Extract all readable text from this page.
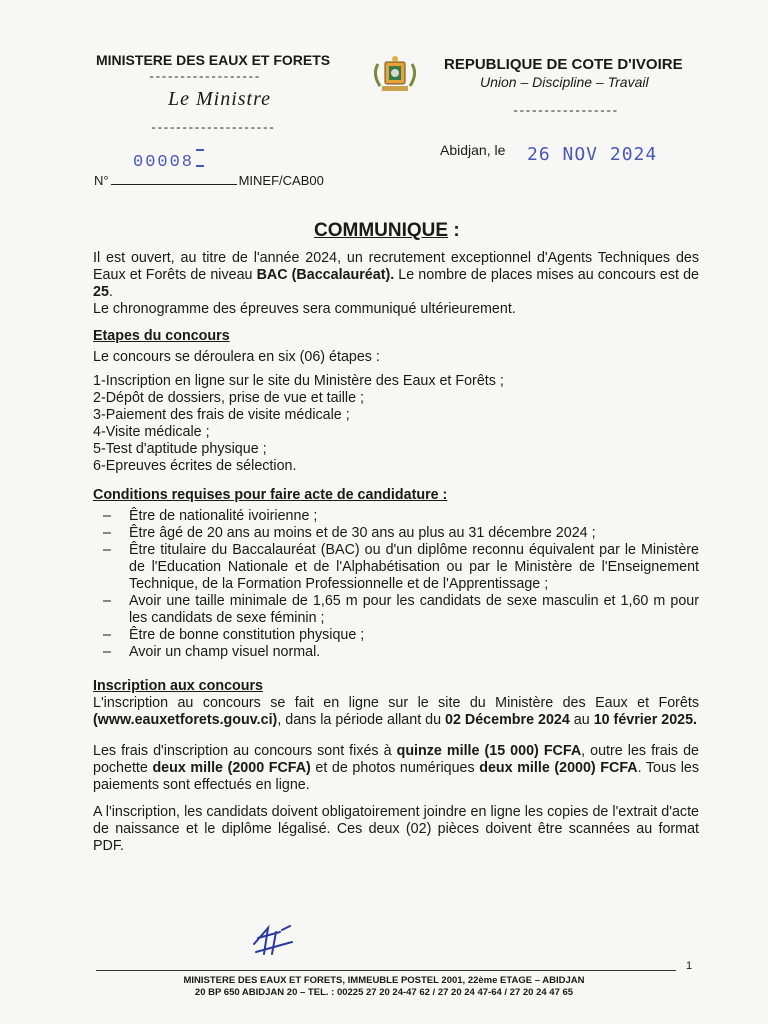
MINISTERE DES EAUX ET FORETS
------------------
Le Ministre
--------------------
REPUBLIQUE DE COTE D'IVOIRE
Union – Discipline – Travail
-----------------
00008
N°	MINEF/CAB00
Abidjan, le 26 NOV 2024
COMMUNIQUE :

Il est ouvert, au titre de l'année 2024, un recrutement exceptionnel d'Agents Techniques des Eaux et Forêts de niveau BAC (Baccalauréat). Le nombre de places mises au concours est de 25.

Le chronogramme des épreuves sera communiqué ultérieurement.

Etapes du concours

Le concours se déroulera en six (06) étapes :

1-Inscription en ligne sur le site du Ministère des Eaux et Forêts ;
2-Dépôt de dossiers, prise de vue et taille ;
3-Paiement des frais de visite médicale ;
4-Visite médicale ;
5-Test d'aptitude physique ;
6-Epreuves écrites de sélection.
Conditions requises pour faire acte de candidature :
– Être de nationalité ivoirienne ;
– Être âgé de 20 ans au moins et de 30 ans au plus au 31 décembre 2024 ;
– Être titulaire du Baccalauréat (BAC) ou d'un diplôme reconnu équivalent par le Ministère de l'Education Nationale et de l'Alphabétisation ou par le Ministère de l'Enseignement Technique, de la Formation Professionnelle et de l'Apprentissage ;
– Avoir une taille minimale de 1,65 m pour les candidats de sexe masculin et 1,60 m pour les candidats de sexe féminin ;
– Être de bonne constitution physique ;
– Avoir un champ visuel normal.
Inscription aux concours

L'inscription au concours se fait en ligne sur le site du Ministère des Eaux et Forêts (www.eauxetforets.gouv.ci), dans la période allant du 02 Décembre 2024 au 10 février 2025.

Les frais d'inscription au concours sont fixés à quinze mille (15 000) FCFA, outre les frais de pochette deux mille (2000 FCFA) et de photos numériques deux mille (2000) FCFA. Tous les paiements sont effectués en ligne.

A l'inscription, les candidats doivent obligatoirement joindre en ligne les copies de l'extrait d'acte de naissance et le diplôme légalisé. Ces deux (02) pièces doivent être scannées au format PDF.

1
MINISTERE DES EAUX ET FORETS, IMMEUBLE POSTEL 2001, 22ème ETAGE – ABIDJAN
20 BP 650 ABIDJAN 20 – TEL. : 00225 27 20 24-47 62 / 27 20 24 47-64 / 27 20 24 47 65
